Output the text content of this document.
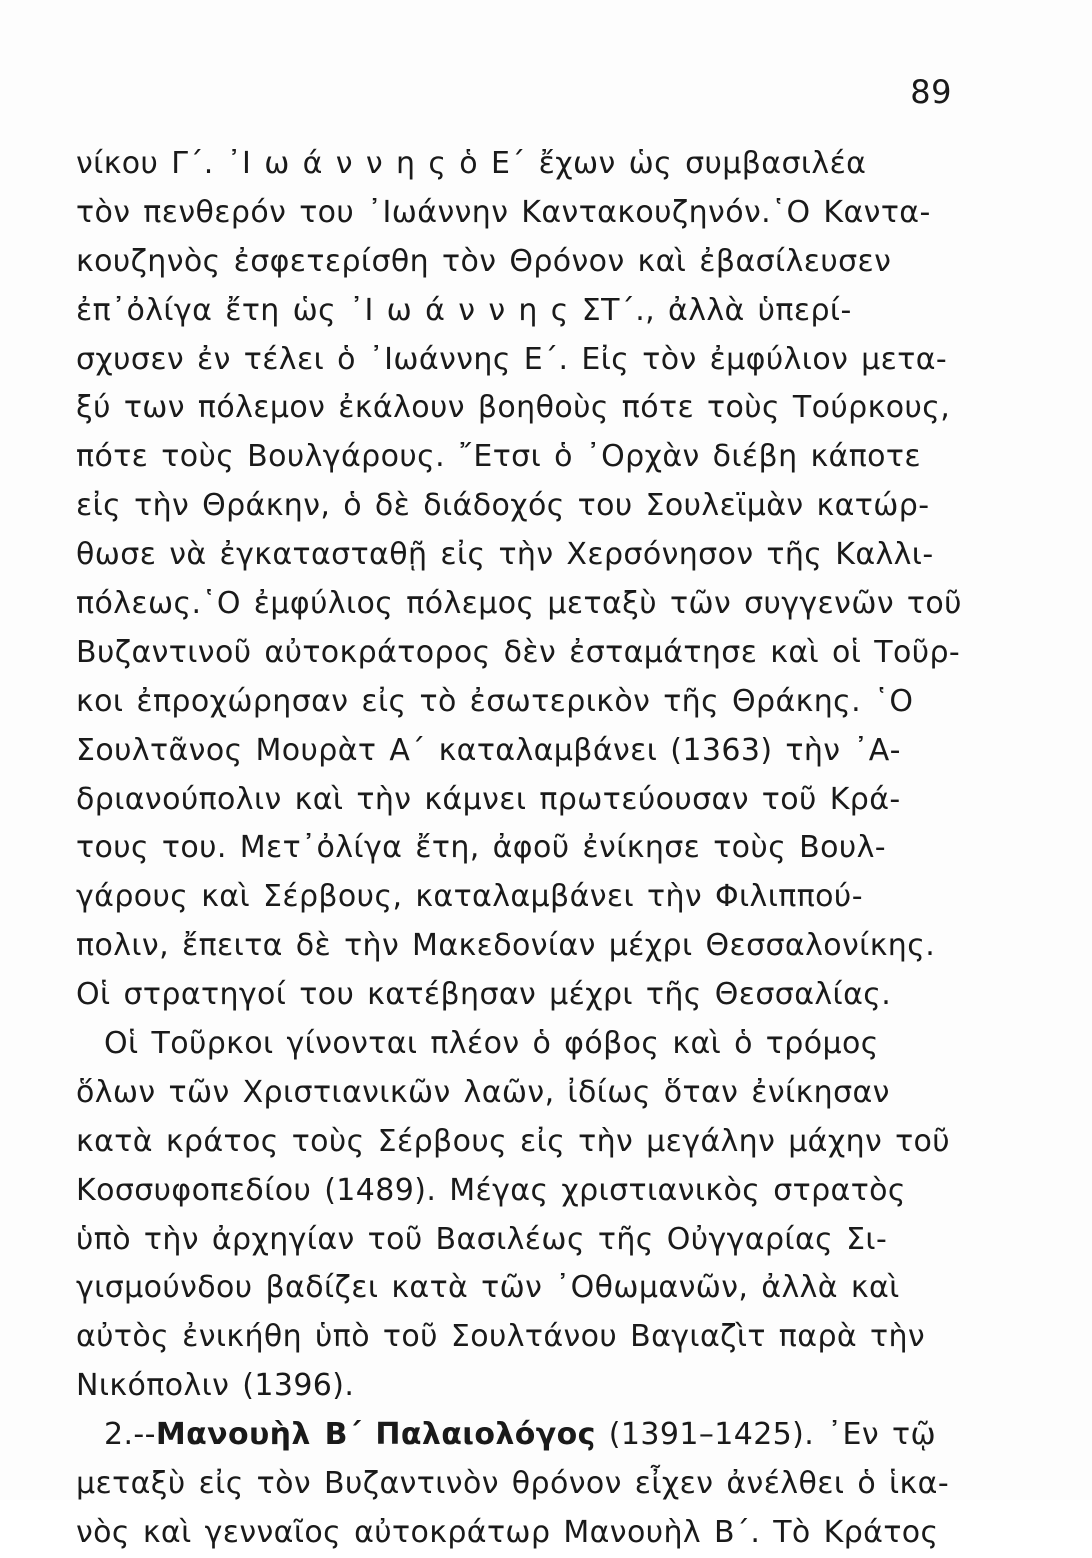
89
νίκου Γ΄. ᾿Ι ω ά ν ν η ς ὁ Ε΄ ἔχων ὡς συμβασιλέα
τὸν πενθερόν του ᾿Ιωάννην Καντακουζηνόν.῾Ο Καντα-
κουζηνὸς ἐσφετερίσθη τὸν Θρόνον καὶ ἐβασίλευσεν
ἐπ᾿ὀλίγα ἔτη ὡς ᾿Ι ω ά ν ν η ς ΣΤ΄., ἀλλὰ ὑπερί-
σχυσεν ἐν τέλει ὁ ᾿Ιωάννης Ε΄. Εἰς τὸν ἐμφύλιον μετα-
ξύ των πόλεμον ἐκάλουν βοηθοὺς πότε τοὺς Τούρκους,
πότε τοὺς Βουλγάρους. ῎Ετσι ὁ ᾿Ορχὰν διέβη κάποτε
εἰς τὴν Θράκην, ὁ δὲ διάδοχός του Σουλεϊμὰν κατώρ-
θωσε νὰ ἐγκατασταθῇ εἰς τὴν Χερσόνησον τῆς Καλλι-
πόλεως.῾Ο ἐμφύλιος πόλεμος μεταξὺ τῶν συγγενῶν τοῦ
Βυζαντινοῦ αὐτοκράτορος δὲν ἐσταμάτησε καὶ οἱ Τοῦρ-
κοι ἐπροχώρησαν εἰς τὸ ἐσωτερικὸν τῆς Θράκης. ῾Ο
Σουλτᾶνος Μουρὰτ Α΄ καταλαμβάνει (1363) τὴν ᾿Α-
δριανούπολιν καὶ τὴν κάμνει πρωτεύουσαν τοῦ Κρά-
τους του. Μετ᾿ὀλίγα ἔτη, ἀφοῦ ἐνίκησε τοὺς Βουλ-
γάρους καὶ Σέρβους, καταλαμβάνει τὴν Φιλιππού-
πολιν, ἔπειτα δὲ τὴν Μακεδονίαν μέχρι Θεσσαλονίκης.
Οἱ στρατηγοί του κατέβησαν μέχρι τῆς Θεσσαλίας.
Οἱ Τοῦρκοι γίνονται πλέον ὁ φόβος καὶ ὁ τρόμος
ὅλων τῶν Χριστιανικῶν λαῶν, ἰδίως ὅταν ἐνίκησαν
κατὰ κράτος τοὺς Σέρβους εἰς τὴν μεγάλην μάχην τοῦ
Κοσσυφοπεδίου (1489). Μέγας χριστιανικὸς στρατὸς
ὑπὸ τὴν ἀρχηγίαν τοῦ Βασιλέως τῆς Οὐγγαρίας Σι-
γισμούνδου βαδίζει κατὰ τῶν ᾿Οθωμανῶν, ἀλλὰ καὶ
αὐτὸς ἐνικήθη ὑπὸ τοῦ Σουλτάνου Βαγιαζὶτ παρὰ τὴν
Νικόπολιν (1396).
2.--Μανουὴλ Β΄ Παλαιολόγος (1391–1425). ᾿Εν τῷ
μεταξὺ εἰς τὸν Βυζαντινὸν θρόνον εἶχεν ἀνέλθει ὁ ἱκα-
νὸς καὶ γενναῖος αὐτοκράτωρ Μανουὴλ Β΄. Τὸ Κράτος
